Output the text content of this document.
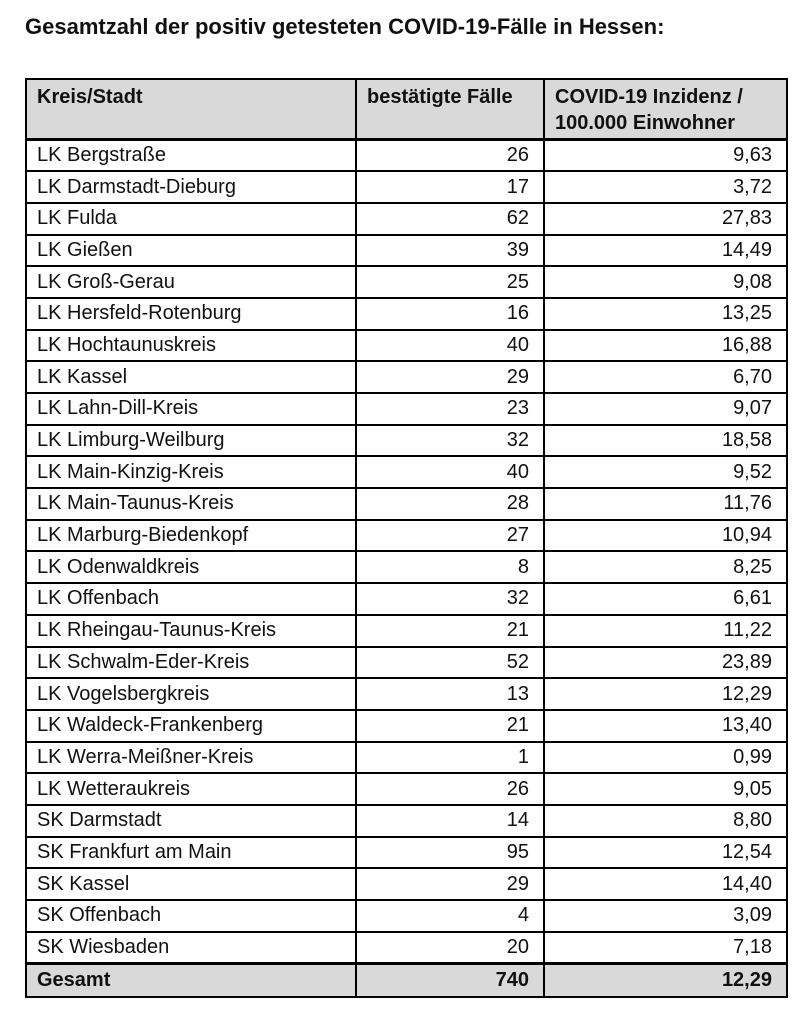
Gesamtzahl der positiv getesteten COVID-19-Fälle in Hessen:
Kreis/Stadt	bestätigte Fälle	COVID-19 Inzidenz / 100.000 Einwohner
LK Bergstraße	26	9,63
LK Darmstadt-Dieburg	17	3,72
LK Fulda	62	27,83
LK Gießen	39	14,49
LK Groß-Gerau	25	9,08
LK Hersfeld-Rotenburg	16	13,25
LK Hochtaunuskreis	40	16,88
LK Kassel	29	6,70
LK Lahn-Dill-Kreis	23	9,07
LK Limburg-Weilburg	32	18,58
LK Main-Kinzig-Kreis	40	9,52
LK Main-Taunus-Kreis	28	11,76
LK Marburg-Biedenkopf	27	10,94
LK Odenwaldkreis	8	8,25
LK Offenbach	32	6,61
LK Rheingau-Taunus-Kreis	21	11,22
LK Schwalm-Eder-Kreis	52	23,89
LK Vogelsbergkreis	13	12,29
LK Waldeck-Frankenberg	21	13,40
LK Werra-Meißner-Kreis	1	0,99
LK Wetteraukreis	26	9,05
SK Darmstadt	14	8,80
SK Frankfurt am Main	95	12,54
SK Kassel	29	14,40
SK Offenbach	4	3,09
SK Wiesbaden	20	7,18
Gesamt	740	12,29
